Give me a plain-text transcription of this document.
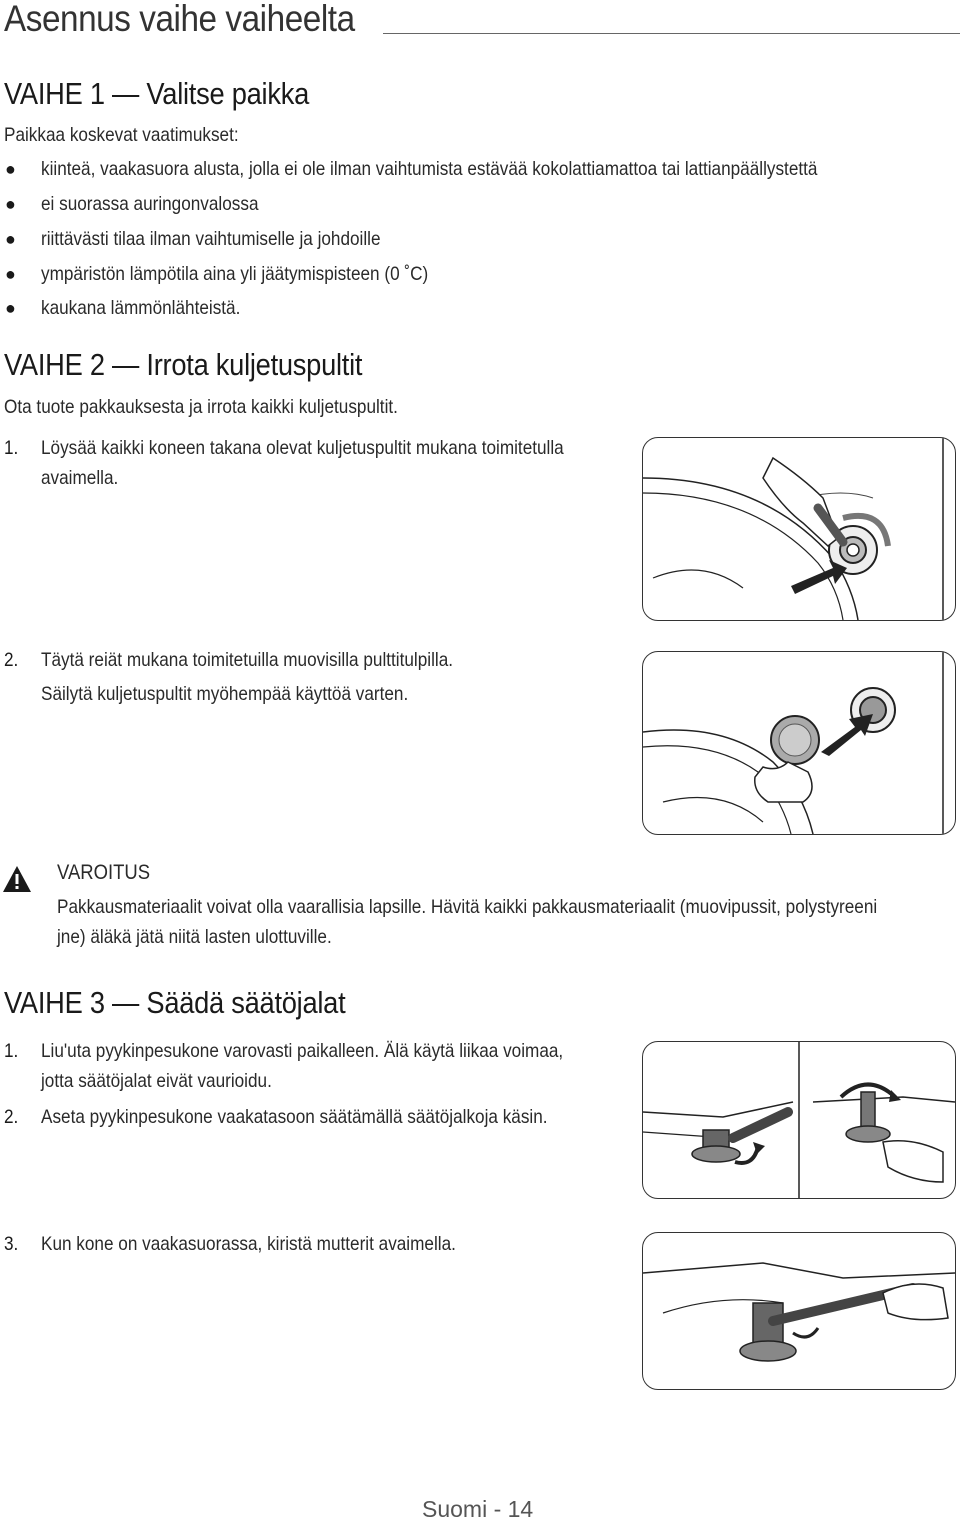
Asennus vaihe vaiheelta
VAIHE 1 — Valitse paikka
Paikkaa koskevat vaatimukset:
● kiinteä, vaakasuora alusta, jolla ei ole ilman vaihtumista estävää kokolattiamattoa tai lattianpäällystettä
● ei suorassa auringonvalossa
● riittävästi tilaa ilman vaihtumiselle ja johdoille
● ympäristön lämpötila aina yli jäätymispisteen (0 ˚C)
● kaukana lämmönlähteistä.
VAIHE 2 — Irrota kuljetuspultit
Ota tuote pakkauksesta ja irrota kaikki kuljetuspultit.
1. Löysää kaikki koneen takana olevat kuljetuspultit mukana toimitetulla
avaimella.
2. Täytä reiät mukana toimitetuilla muovisilla pulttitulpilla.
Säilytä kuljetuspultit myöhempää käyttöä varten.
VAROITUS
Pakkausmateriaalit voivat olla vaarallisia lapsille. Hävitä kaikki pakkausmateriaalit (muovipussit, polystyreeni
jne) äläkä jätä niitä lasten ulottuville.
VAIHE 3 — Säädä säätöjalat
1. Liu'uta pyykinpesukone varovasti paikalleen. Älä käytä liikaa voimaa,
jotta säätöjalat eivät vaurioidu.
2. Aseta pyykinpesukone vaakatasoon säätämällä säätöjalkoja käsin.
3. Kun kone on vaakasuorassa, kiristä mutterit avaimella.
Suomi - 14
